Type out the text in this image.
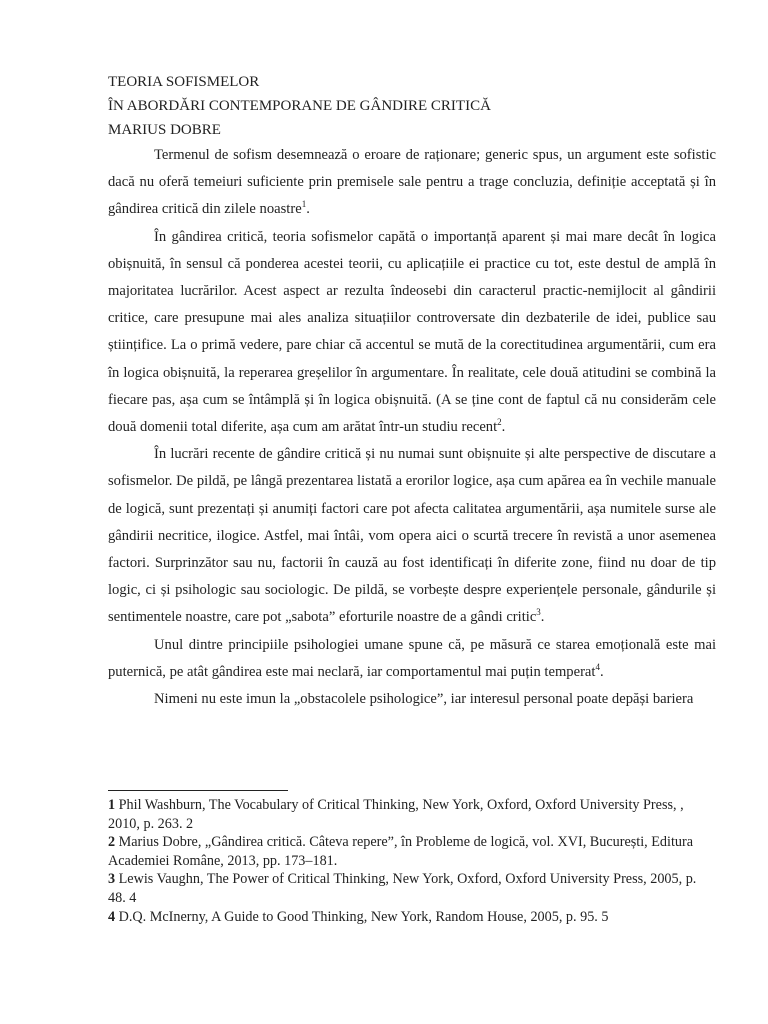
TEORIA SOFISMELOR

ÎN ABORDĂRI CONTEMPORANE DE GÂNDIRE CRITICĂ

MARIUS DOBRE

Termenul de sofism desemnează o eroare de raționare; generic spus, un argument este sofistic dacă nu oferă temeiuri suficiente prin premisele sale pentru a trage concluzia, definiție acceptată și în gândirea critică din zilele noastre$^1$.

În gândirea critică, teoria sofismelor capătă o importanță aparent și mai mare decât în logica obișnuită, în sensul că ponderea acestei teorii, cu aplicațiile ei practice cu tot, este destul de amplă în majoritatea lucrărilor. Acest aspect ar rezulta îndeosebi din caracterul practic-nemijlocit al gândirii critice, care presupune mai ales analiza situațiilor controversate din dezbaterile de idei, publice sau științifice. La o primă vedere, pare chiar că accentul se mută de la corectitudinea argumentării, cum era în logica obișnuită, la reperarea greșelilor în argumentare. În realitate, cele două atitudini se combină la fiecare pas, așa cum se întâmplă și în logica obișnuită. (A se ține cont de faptul că nu considerăm cele două domenii total diferite, așa cum am arătat într-un studiu recent$^2$.

În lucrări recente de gândire critică și nu numai sunt obișnuite și alte perspective de discutare a sofismelor. De pildă, pe lângă prezentarea listată a erorilor logice, așa cum apărea ea în vechile manuale de logică, sunt prezentați și anumiți factori care pot afecta calitatea argumentării, așa numitele surse ale gândirii necritice, ilogice. Astfel, mai întâi, vom opera aici o scurtă trecere în revistă a unor asemenea factori. Surprinzător sau nu, factorii în cauză au fost identificați în diferite zone, fiind nu doar de tip logic, ci și psihologic sau sociologic. De pildă, se vorbește despre experiențele personale, gândurile și sentimentele noastre, care pot „sabota” eforturile noastre de a gândi critic$^3$.

Unul dintre principiile psihologiei umane spune că, pe măsură ce starea emoțională este mai puternică, pe atât gândirea este mai neclară, iar comportamentul mai puțin temperat$^4$.

Nimeni nu este imun la „obstacolele psihologice”, iar interesul personal poate depăși bariera

1 Phil Washburn, The Vocabulary of Critical Thinking, New York, Oxford, Oxford University Press, , 2010, p. 263. 2

2 Marius Dobre, „Gândirea critică. Câteva repere”, în Probleme de logică, vol. XVI, București, Editura Academiei Române, 2013, pp. 173–181.

3 Lewis Vaughn, The Power of Critical Thinking, New York, Oxford, Oxford University Press, 2005, p. 48. 4

4 D.Q. McInerny, A Guide to Good Thinking, New York, Random House, 2005, p. 95. 5
